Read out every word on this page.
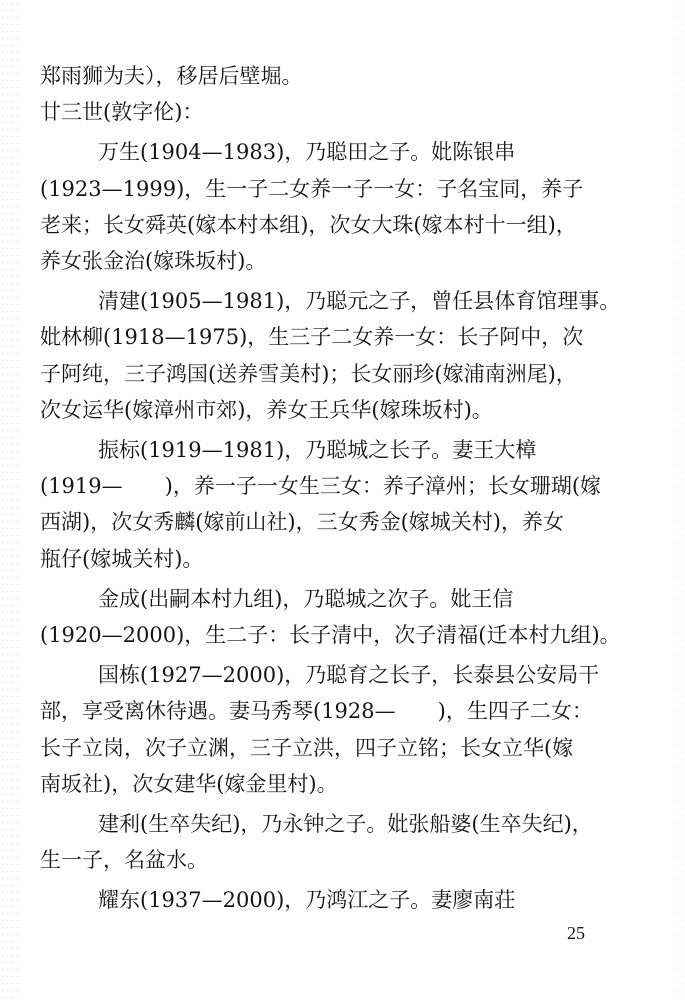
郑雨狮为夫），移居后壁堀。
廿三世(敦字伦)：
万生(1904—1983)，乃聪田之子。妣陈银串
(1923—1999)，生一子二女养一子一女：子名宝同，养子
老来；长女舜英(嫁本村本组)，次女大珠(嫁本村十一组)，
养女张金治(嫁珠坂村)。
清建(1905—1981)，乃聪元之子，曾任县体育馆理事。
妣林柳(1918—1975)，生三子二女养一女：长子阿中，次
子阿纯，三子鸿国(送养雪美村)；长女丽珍(嫁浦南洲尾)，
次女运华(嫁漳州市郊)，养女王兵华(嫁珠坂村)。
振标(1919—1981)，乃聪城之长子。妻王大樟
(1919—　　)，养一子一女生三女：养子漳州；长女珊瑚(嫁
西湖)，次女秀麟(嫁前山社)，三女秀金(嫁城关村)，养女
瓶仔(嫁城关村)。
金成(出嗣本村九组)，乃聪城之次子。妣王信
(1920—2000)，生二子：长子清中，次子清福(迁本村九组)。
国栋(1927—2000)，乃聪育之长子，长泰县公安局干
部，享受离休待遇。妻马秀琴(1928—　　)，生四子二女：
长子立岗，次子立渊，三子立洪，四子立铭；长女立华(嫁
南坂社)，次女建华(嫁金里村)。
建利(生卒失纪)，乃永钟之子。妣张船婆(生卒失纪)，
生一子，名盆水。
耀东(1937—2000)，乃鸿江之子。妻廖南荘
25
